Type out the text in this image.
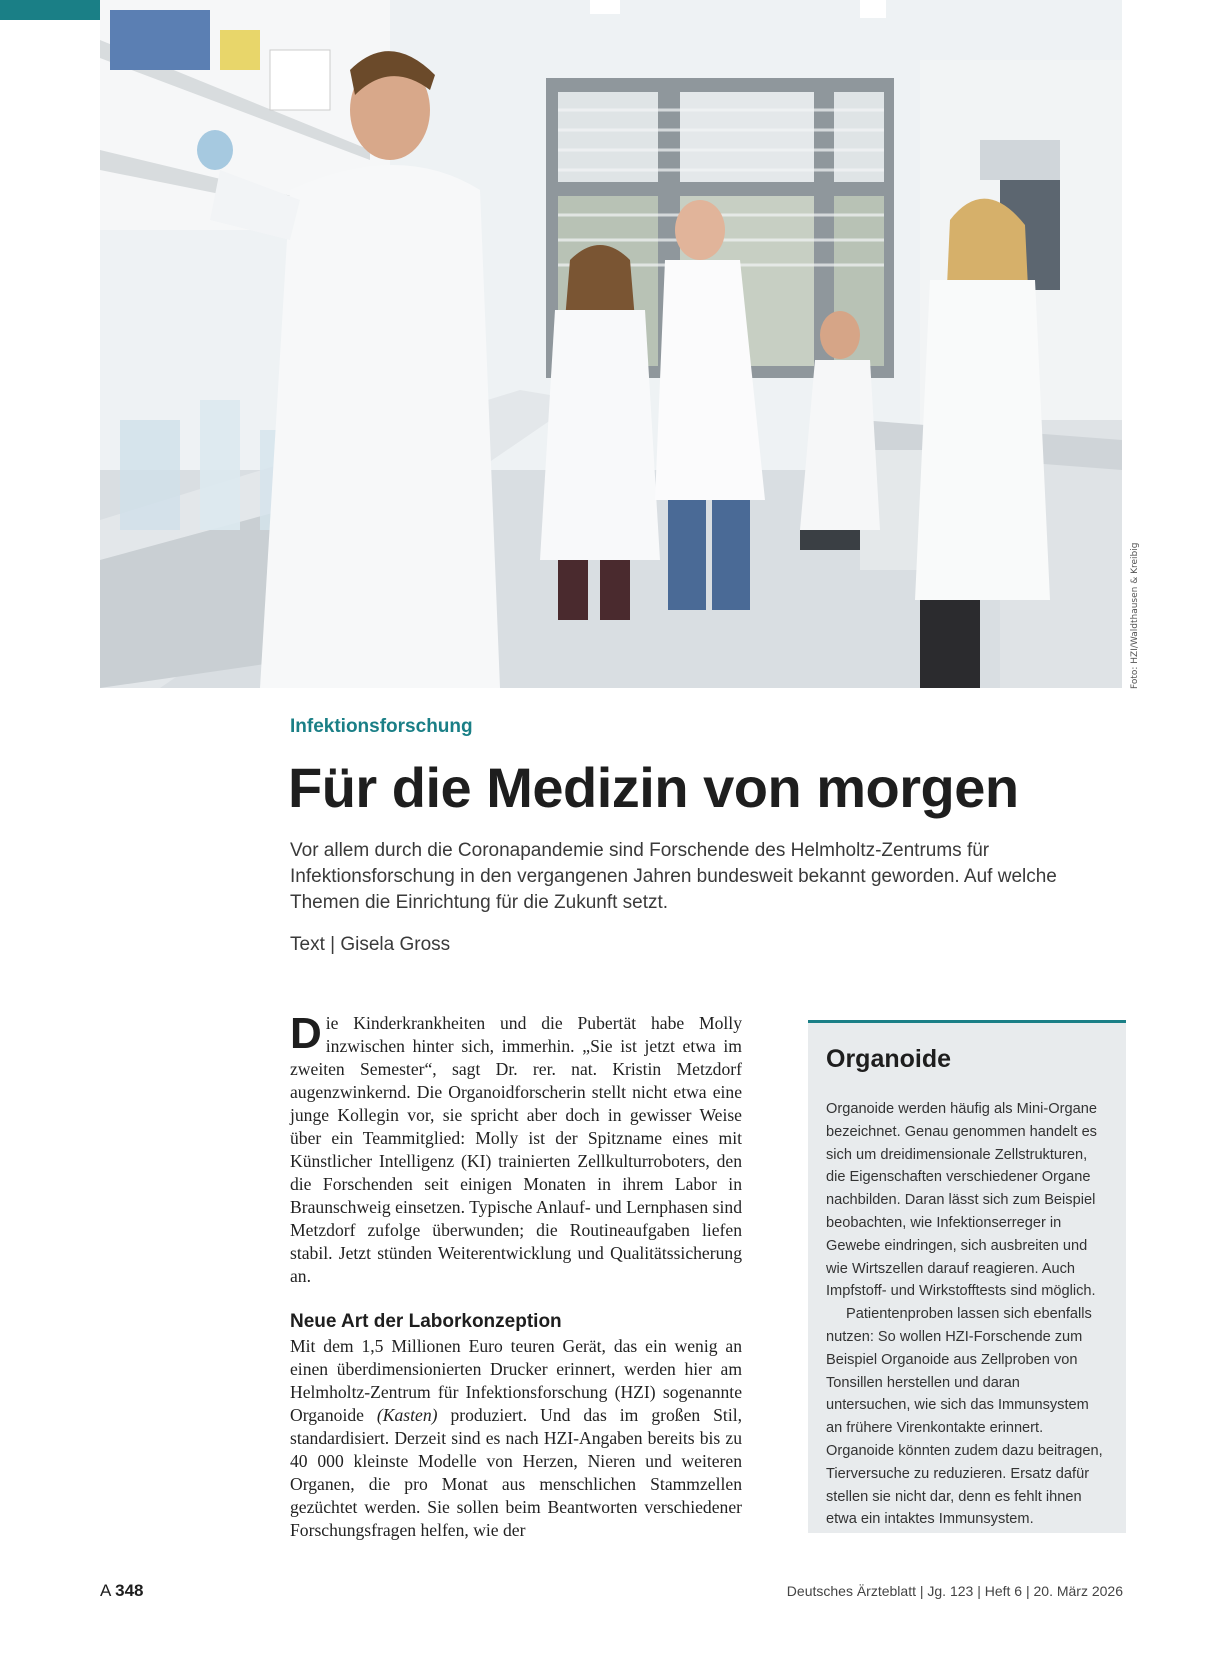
Foto: HZI/Waldthausen & Kreibig
Infektionsforschung
Für die Medizin von morgen

Vor allem durch die Coronapandemie sind Forschende des Helmholtz-Zentrums für Infektionsforschung in den vergangenen Jahren bundesweit bekannt geworden. Auf welche Themen die Einrichtung für die Zukunft setzt.

Text | Gisela Gross

Die Kinderkrankheiten und die Pubertät habe Molly inzwischen hinter sich, immerhin. „Sie ist jetzt etwa im zweiten Semester“, sagt Dr. rer. nat. Kristin Metzdorf augenzwinkernd. Die Organoidforscherin stellt nicht etwa eine junge Kollegin vor, sie spricht aber doch in gewisser Weise über ein Teammitglied: Molly ist der Spitzname eines mit Künstlicher Intelligenz (KI) trainierten Zellkulturroboters, den die Forschenden seit einigen Monaten in ihrem Labor in Braunschweig einsetzen. Typische Anlauf- und Lernphasen sind Metzdorf zufolge überwunden; die Routineaufgaben liefen stabil. Jetzt stünden Weiterentwicklung und Qualitätssicherung an.

Neue Art der Laborkonzeption

Mit dem 1,5 Millionen Euro teuren Gerät, das ein wenig an einen überdimensionierten Drucker erinnert, werden hier am Helmholtz-Zentrum für Infektionsforschung (HZI) sogenannte Organoide (Kasten) produziert. Und das im großen Stil, standardisiert. Derzeit sind es nach HZI-Angaben bereits bis zu 40 000 kleinste Modelle von Herzen, Nieren und weiteren Organen, die pro Monat aus menschlichen Stammzellen gezüchtet werden. Sie sollen beim Beantworten verschiedener Forschungsfragen helfen, wie der

Organoide

Organoide werden häufig als Mini-Organe bezeichnet. Genau genommen handelt es sich um dreidimensionale Zellstrukturen, die Eigenschaften verschiedener Organe nachbilden. Daran lässt sich zum Beispiel beobachten, wie Infektionserreger in Gewebe eindringen, sich ausbreiten und wie Wirtszellen darauf reagieren. Auch Impfstoff- und Wirkstofftests sind möglich.

Patientenproben lassen sich ebenfalls nutzen: So wollen HZI-Forschende zum Beispiel Organoide aus Zellproben von Tonsillen herstellen und daran untersuchen, wie sich das Immunsystem an frühere Virenkontakte erinnert. Organoide könnten zudem dazu beitragen, Tierversuche zu reduzieren. Ersatz dafür stellen sie nicht dar, denn es fehlt ihnen etwa ein intaktes Immunsystem.

A 348	Deutsches Ärzteblatt | Jg. 123 | Heft 6 | 20. März 2026
